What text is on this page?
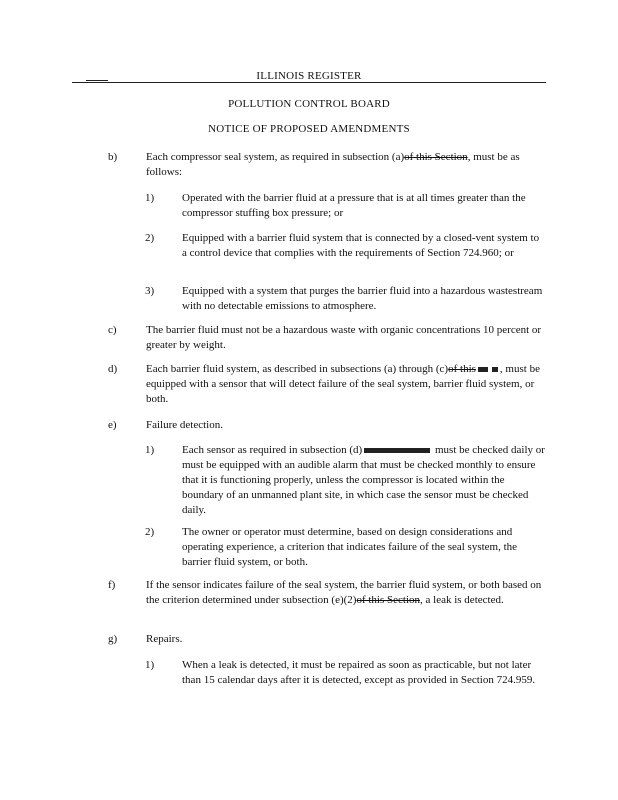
ILLINOIS REGISTER
POLLUTION CONTROL BOARD
NOTICE OF PROPOSED AMENDMENTS
b)	Each compressor seal system, as required in subsection (a)of this Section, must be as follows:
1)	Operated with the barrier fluid at a pressure that is at all times greater than the compressor stuffing box pressure; or
2)	Equipped with a barrier fluid system that is connected by a closed-vent system to a control device that complies with the requirements of Section 724.960; or
3)	Equipped with a system that purges the barrier fluid into a hazardous wastestream with no detectable emissions to atmosphere.
c)	The barrier fluid must not be a hazardous waste with organic concentrations 10 percent or greater by weight.
d)	Each barrier fluid system, as described in subsections (a) through (c)of this , must be equipped with a sensor that will detect failure of the seal system, barrier fluid system, or both.
e)	Failure detection.
1)	Each sensor as required in subsection (d)	must be checked daily or must be equipped with an audible alarm that must be checked monthly to ensure that it is functioning properly, unless the compressor is located within the boundary of an unmanned plant site, in which case the sensor must be checked daily.
2)	The owner or operator must determine, based on design considerations and operating experience, a criterion that indicates failure of the seal system, the barrier fluid system, or both.
f)	If the sensor indicates failure of the seal system, the barrier fluid system, or both based on the criterion determined under subsection (e)(2)of this Section, a leak is detected.
g)	Repairs.
1)	When a leak is detected, it must be repaired as soon as practicable, but not later than 15 calendar days after it is detected, except as provided in Section 724.959.
